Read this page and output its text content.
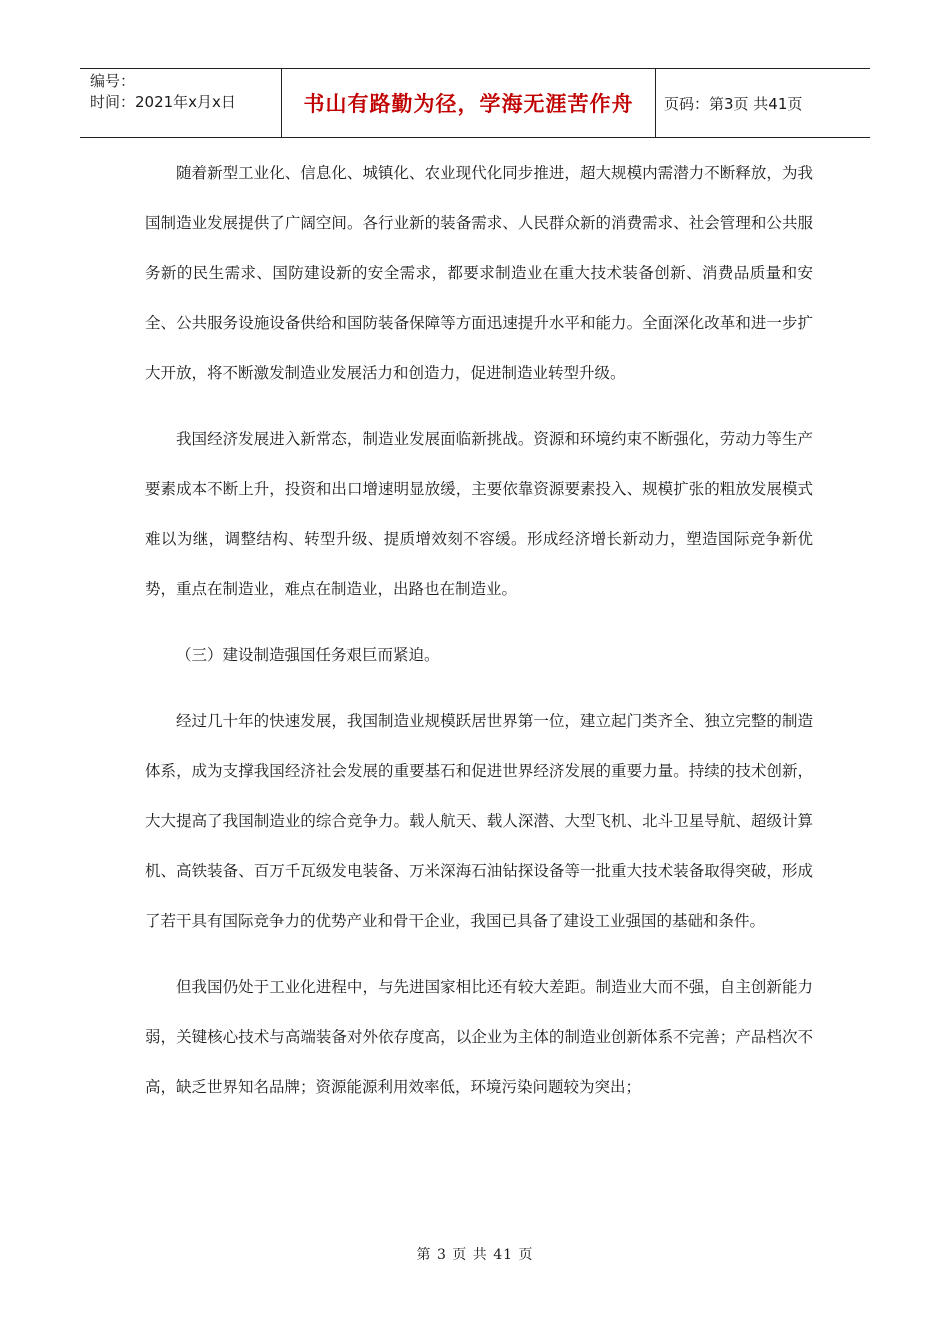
编号：
时间：2021年x月x日	书山有路勤为径，学海无涯苦作舟	页码：第3页 共41页

随着新型工业化、信息化、城镇化、农业现代化同步推进，超大规模内需潜力不断释放，为我国制造业发展提供了广阔空间。各行业新的装备需求、人民群众新的消费需求、社会管理和公共服务新的民生需求、国防建设新的安全需求，都要求制造业在重大技术装备创新、消费品质量和安全、公共服务设施设备供给和国防装备保障等方面迅速提升水平和能力。全面深化改革和进一步扩大开放，将不断激发制造业发展活力和创造力，促进制造业转型升级。

我国经济发展进入新常态，制造业发展面临新挑战。资源和环境约束不断强化，劳动力等生产要素成本不断上升，投资和出口增速明显放缓，主要依靠资源要素投入、规模扩张的粗放发展模式难以为继，调整结构、转型升级、提质增效刻不容缓。形成经济增长新动力，塑造国际竞争新优势，重点在制造业，难点在制造业，出路也在制造业。

（三）建设制造强国任务艰巨而紧迫。

经过几十年的快速发展，我国制造业规模跃居世界第一位，建立起门类齐全、独立完整的制造体系，成为支撑我国经济社会发展的重要基石和促进世界经济发展的重要力量。持续的技术创新，大大提高了我国制造业的综合竞争力。载人航天、载人深潜、大型飞机、北斗卫星导航、超级计算机、高铁装备、百万千瓦级发电装备、万米深海石油钻探设备等一批重大技术装备取得突破，形成了若干具有国际竞争力的优势产业和骨干企业，我国已具备了建设工业强国的基础和条件。

但我国仍处于工业化进程中，与先进国家相比还有较大差距。制造业大而不强，自主创新能力弱，关键核心技术与高端装备对外依存度高，以企业为主体的制造业创新体系不完善；产品档次不高，缺乏世界知名品牌；资源能源利用效率低，环境污染问题较为突出；

第 3 页 共 41 页
